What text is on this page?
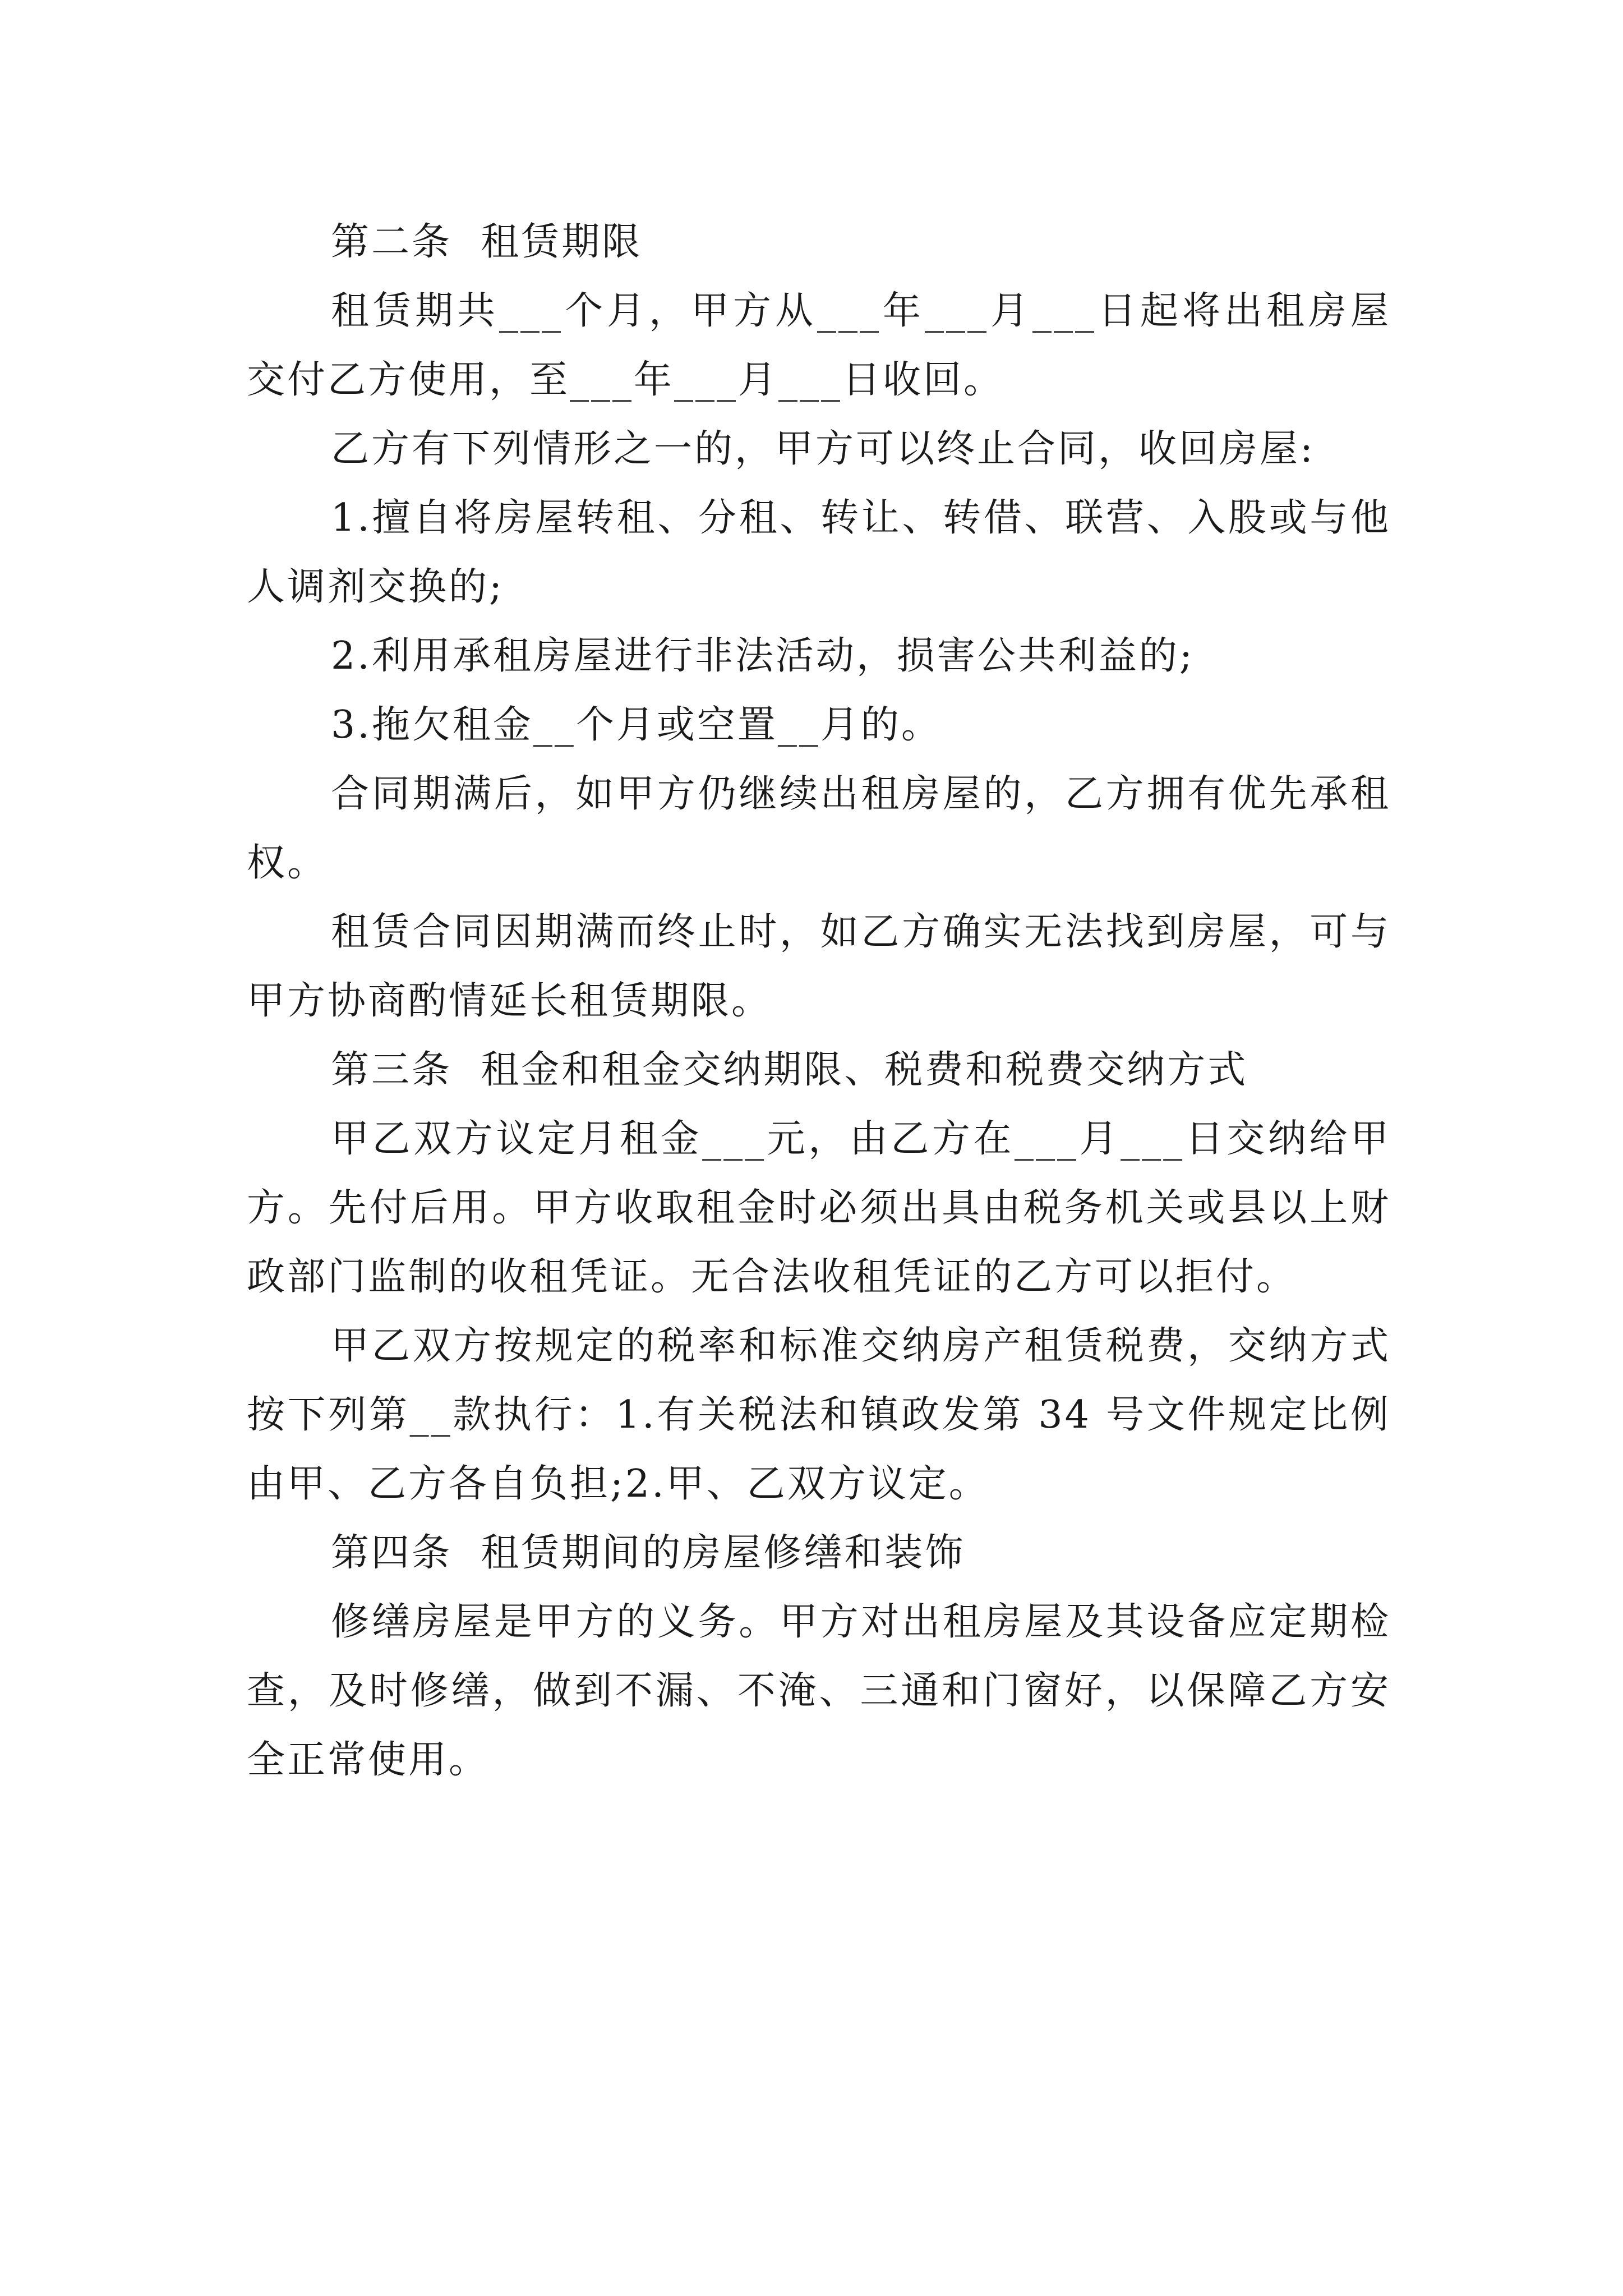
第二条  租赁期限

租赁期共___个月，甲方从___年___月___日起将出租房屋交付乙方使用，至___年___月___日收回。

乙方有下列情形之一的，甲方可以终止合同，收回房屋:

1.擅自将房屋转租、分租、转让、转借、联营、入股或与他人调剂交换的;

2.利用承租房屋进行非法活动，损害公共利益的;

3.拖欠租金__个月或空置__月的。

合同期满后，如甲方仍继续出租房屋的，乙方拥有优先承租权。

租赁合同因期满而终止时，如乙方确实无法找到房屋，可与甲方协商酌情延长租赁期限。

第三条  租金和租金交纳期限、税费和税费交纳方式

甲乙双方议定月租金___元，由乙方在___月___日交纳给甲方。先付后用。甲方收取租金时必须出具由税务机关或县以上财政部门监制的收租凭证。无合法收租凭证的乙方可以拒付。

甲乙双方按规定的税率和标准交纳房产租赁税费，交纳方式按下列第__款执行：1.有关税法和镇政发第 34 号文件规定比例由甲、乙方各自负担;2.甲、乙双方议定。

第四条  租赁期间的房屋修缮和装饰

修缮房屋是甲方的义务。甲方对出租房屋及其设备应定期检查，及时修缮，做到不漏、不淹、三通和门窗好，以保障乙方安全正常使用。
